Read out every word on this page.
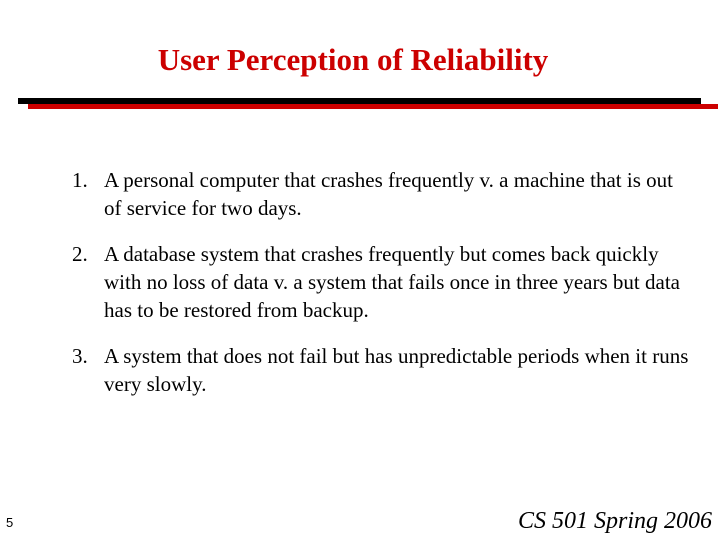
User Perception of Reliability
1. A personal computer that crashes frequently v. a machine that is out of service for two days.
2. A database system that crashes frequently but comes back quickly with no loss of data v. a system that fails once in three years but data has to be restored from backup.
3. A system that does not fail but has unpredictable periods when it runs very slowly.
5	CS 501 Spring 2006
